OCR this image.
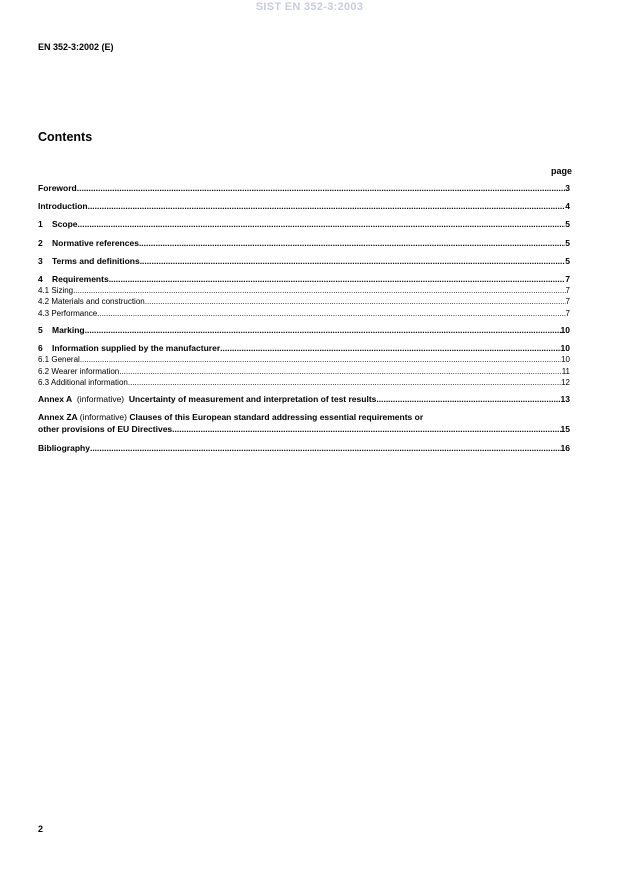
SIST EN 352-3:2003
EN 352-3:2002 (E)
Contents
page
Foreword .....	3
Introduction .....	4
1 Scope .....	5
2 Normative references .....	5
3 Terms and definitions .....	5
4 Requirements .....	7
4.1 Sizing .....	7
4.2 Materials and construction .....	7
4.3 Performance .....	7
5 Marking .....	10
6 Information supplied by the manufacturer .....	10
6.1 General .....	10
6.2 Wearer information .....	11
6.3 Additional information .....	12
Annex A (informative) Uncertainty of measurement and interpretation of test results .....	13
Annex ZA (informative) Clauses of this European standard addressing essential requirements or
other provisions of EU Directives .....	15
Bibliography .....	16
2
